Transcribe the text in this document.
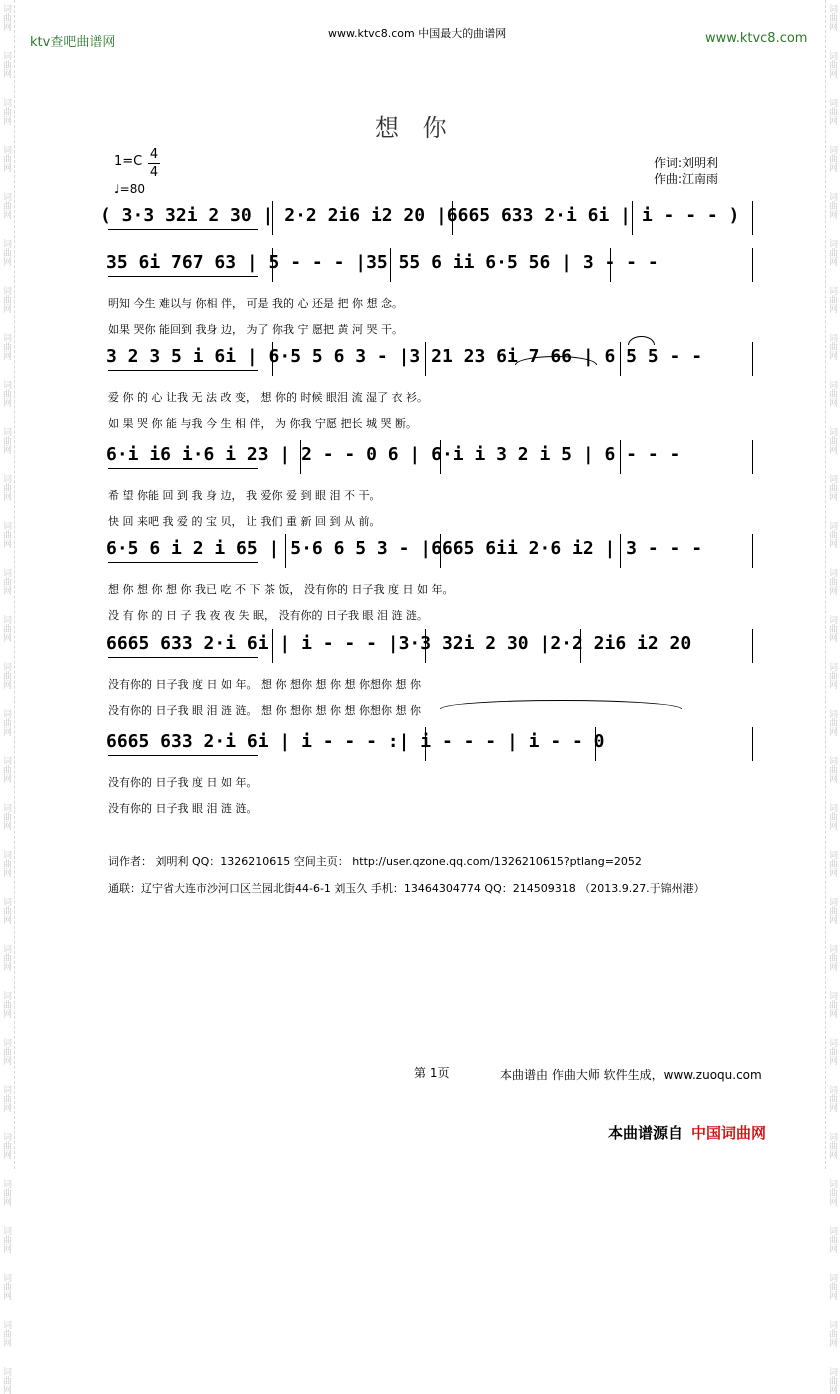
词曲网
词曲网
词曲网
词曲网
词曲网
词曲网
词曲网
词曲网
词曲网
词曲网
词曲网
词曲网
词曲网
词曲网
词曲网
词曲网
词曲网
词曲网
词曲网
词曲网
词曲网
词曲网
词曲网
词曲网
词曲网
词曲网
词曲网
词曲网
词曲网
词曲网
词曲网
词曲网
词曲网
词曲网
词曲网
词曲网
词曲网
词曲网
词曲网
词曲网
词曲网
词曲网
词曲网
词曲网
词曲网
词曲网
词曲网
词曲网
词曲网
词曲网
词曲网
词曲网
词曲网
词曲网
词曲网
词曲网
词曲网
词曲网
词曲网
词曲网
ktv查吧曲谱网
www.ktvc8.com 中国最大的曲谱网	www.ktvc8.com
想 你
$1=C \frac{4}{4}$
♩=80
作词:刘明利
作曲:江南雨
( 3·3 32i 2 30 | 2·2 2i6 i2 20 |6665 633 2·i 6i | i - - - )
35 6i 767 63 | 5 - - - |35 55 6 ii 6·5 56 | 3 - - -
明知 今生 难以与 你相 伴， 可是 我的 心 还是 把 你 想 念。
如果 哭你 能回到 我身 边， 为了 你我 宁 愿把 黄 河 哭 干。
3 2 3 5 i 6i | 6·5 5 6 3 - |3 21 23 6i 7 66 | 6 5 5 - -
爱 你 的 心 让我 无 法 改 变， 想 你的 时候 眼泪 流 湿了 衣 衫。
如 果 哭 你 能 与我 今 生 相 伴， 为 你我 宁愿 把长 城 哭 断。
6·i i6 i·6 i 23 | 2 - - 0 6 | 6·i i 3 2 i 5 | 6 - - -
希 望 你能 回 到 我 身 边， 我 爱你 爱 到 眼 泪 不 干。
快 回 来吧 我 爱 的 宝 贝， 让 我们 重 新 回 到 从 前。
6·5 6 i 2 i 65 | 5·6 6 5 3 - |6665 6ii 2·6 i2 | 3 - - -
想 你 想 你 想 你 我已 吃 不 下 茶 饭， 没有你的 日子我 度 日 如 年。
没 有 你 的 日 子 我 夜 夜 失 眠， 没有你的 日子我 眼 泪 涟 涟。
6665 633 2·i 6i | i - - - |3·3 32i 2 30 |2·2 2i6 i2 20
没有你的 日子我 度 日 如 年。 想 你 想你 想 你 想 你想你 想 你
没有你的 日子我 眼 泪 涟 涟。 想 你 想你 想 你 想 你想你 想 你
6665 633 2·i 6i | i - - - :| i - - - | i - - 0
没有你的 日子我 度 日 如 年。
没有你的 日子我 眼 泪 涟 涟。
词作者： 刘明利 QQ：1326210615 空间主页： http://user.qzone.qq.com/1326210615?ptlang=2052
通联：辽宁省大连市沙河口区兰园北街44-6-1 刘玉久 手机：13464304774 QQ：214509318 （2013.9.27.于锦州港）
第 1页	本曲谱由 作曲大师 软件生成，www.zuoqu.com
本曲谱源自 中国词曲网
